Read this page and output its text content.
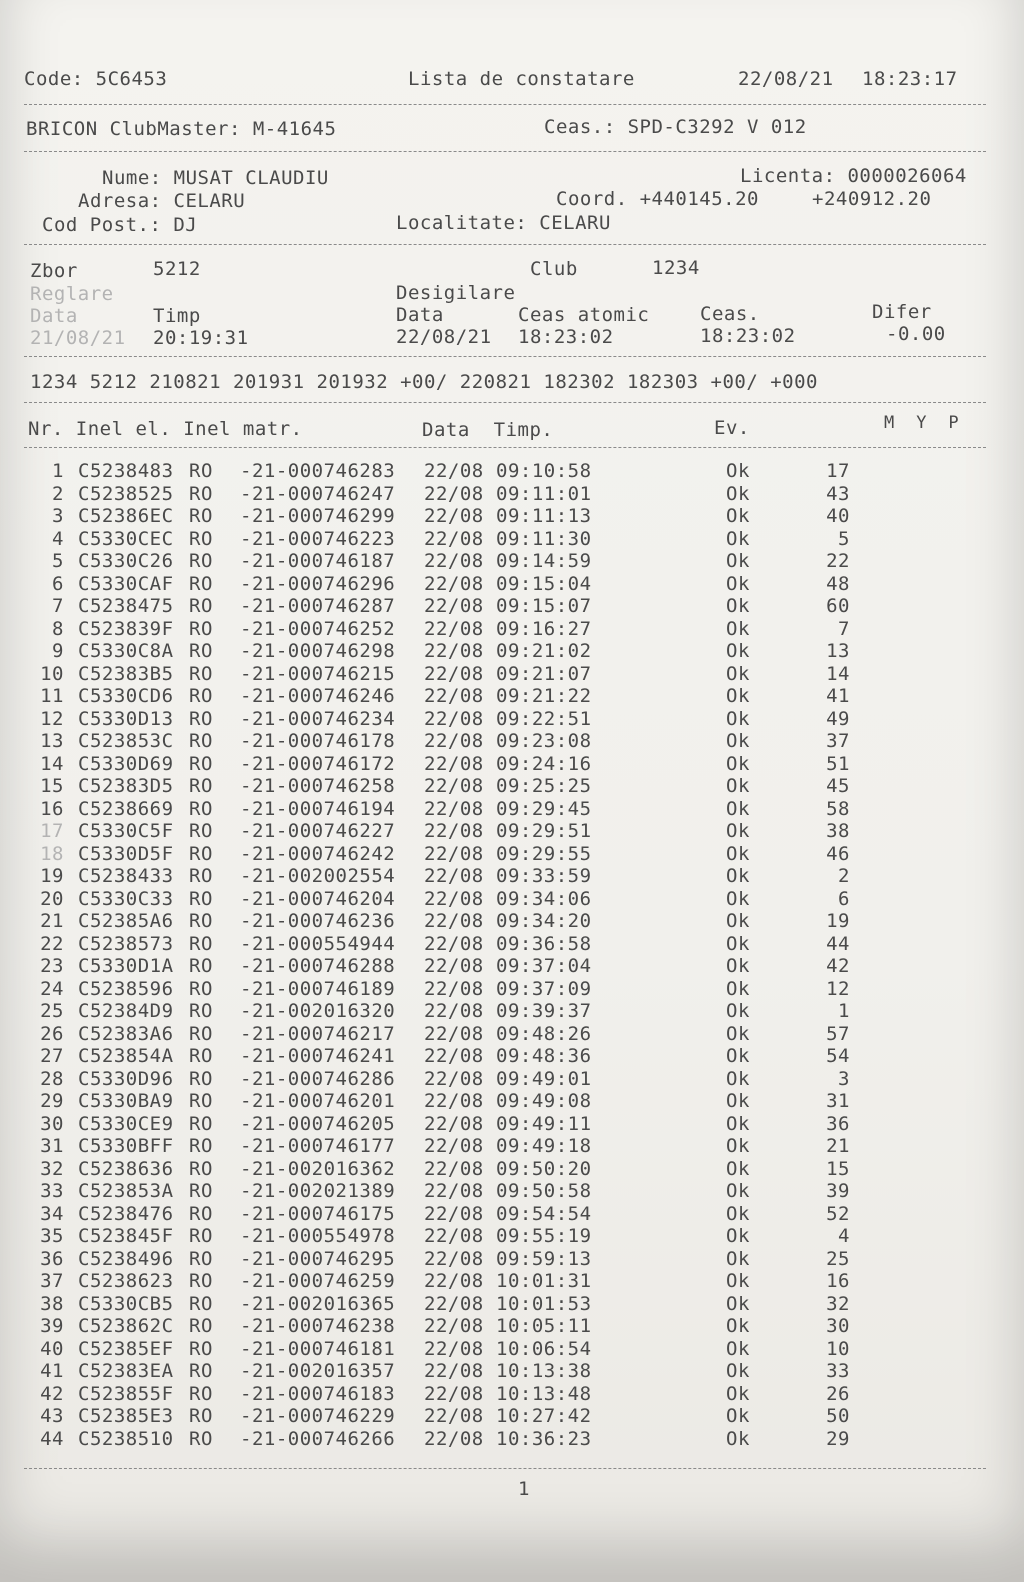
Code: 5C6453	Lista de constatare	22/08/21 18:23:17
BRICON ClubMaster: M-41645	Ceas.: SPD-C3292 V 012
Nume: MUSAT CLAUDIU	Licenta: 0000026064
Adresa: CELARU	Coord. +440145.20	+240912.20
Cod Post.: DJ	Localitate: CELARU
Zbor	5212	Club	1234
Reglare	Desigilare
Data	Timp	Data	Ceas atomic	Ceas.	Difer
21/08/21 20:19:31	22/08/21 18:23:02	18:23:02	-0.00
1234 5212 210821 201931 201932 +00/ 220821 182302 182303 +00/ +000
Nr. Inel el. Inel matr.	Data  Timp.	Ev.	M  Y  P
1 C5238483 RO -21-000746283 22/08 09:10:58	Ok	17
2 C5238525 RO -21-000746247 22/08 09:11:01	Ok	43
3 C52386EC RO -21-000746299 22/08 09:11:13	Ok	40
4 C5330CEC RO -21-000746223 22/08 09:11:30	Ok	5
5 C5330C26 RO -21-000746187 22/08 09:14:59	Ok	22
6 C5330CAF RO -21-000746296 22/08 09:15:04	Ok	48
7 C5238475 RO -21-000746287 22/08 09:15:07	Ok	60
8 C523839F RO -21-000746252 22/08 09:16:27	Ok	7
9 C5330C8A RO -21-000746298 22/08 09:21:02	Ok	13
10 C52383B5 RO -21-000746215 22/08 09:21:07	Ok	14
11 C5330CD6 RO -21-000746246 22/08 09:21:22	Ok	41
12 C5330D13 RO -21-000746234 22/08 09:22:51	Ok	49
13 C523853C RO -21-000746178 22/08 09:23:08	Ok	37
14 C5330D69 RO -21-000746172 22/08 09:24:16	Ok	51
15 C52383D5 RO -21-000746258 22/08 09:25:25	Ok	45
16 C5238669 RO -21-000746194 22/08 09:29:45	Ok	58
17 C5330C5F RO -21-000746227 22/08 09:29:51	Ok	38
18 C5330D5F RO -21-000746242 22/08 09:29:55	Ok	46
19 C5238433 RO -21-002002554 22/08 09:33:59	Ok	2
20 C5330C33 RO -21-000746204 22/08 09:34:06	Ok	6
21 C52385A6 RO -21-000746236 22/08 09:34:20	Ok	19
22 C5238573 RO -21-000554944 22/08 09:36:58	Ok	44
23 C5330D1A RO -21-000746288 22/08 09:37:04	Ok	42
24 C5238596 RO -21-000746189 22/08 09:37:09	Ok	12
25 C52384D9 RO -21-002016320 22/08 09:39:37	Ok	1
26 C52383A6 RO -21-000746217 22/08 09:48:26	Ok	57
27 C523854A RO -21-000746241 22/08 09:48:36	Ok	54
28 C5330D96 RO -21-000746286 22/08 09:49:01	Ok	3
29 C5330BA9 RO -21-000746201 22/08 09:49:08	Ok	31
30 C5330CE9 RO -21-000746205 22/08 09:49:11	Ok	36
31 C5330BFF RO -21-000746177 22/08 09:49:18	Ok	21
32 C5238636 RO -21-002016362 22/08 09:50:20	Ok	15
33 C523853A RO -21-002021389 22/08 09:50:58	Ok	39
34 C5238476 RO -21-000746175 22/08 09:54:54	Ok	52
35 C523845F RO -21-000554978 22/08 09:55:19	Ok	4
36 C5238496 RO -21-000746295 22/08 09:59:13	Ok	25
37 C5238623 RO -21-000746259 22/08 10:01:31	Ok	16
38 C5330CB5 RO -21-002016365 22/08 10:01:53	Ok	32
39 C523862C RO -21-000746238 22/08 10:05:11	Ok	30
40 C52385EF RO -21-000746181 22/08 10:06:54	Ok	10
41 C52383EA RO -21-002016357 22/08 10:13:38	Ok	33
42 C523855F RO -21-000746183 22/08 10:13:48	Ok	26
43 C52385E3 RO -21-000746229 22/08 10:27:42	Ok	50
44 C5238510 RO -21-000746266 22/08 10:36:23	Ok	29
1
